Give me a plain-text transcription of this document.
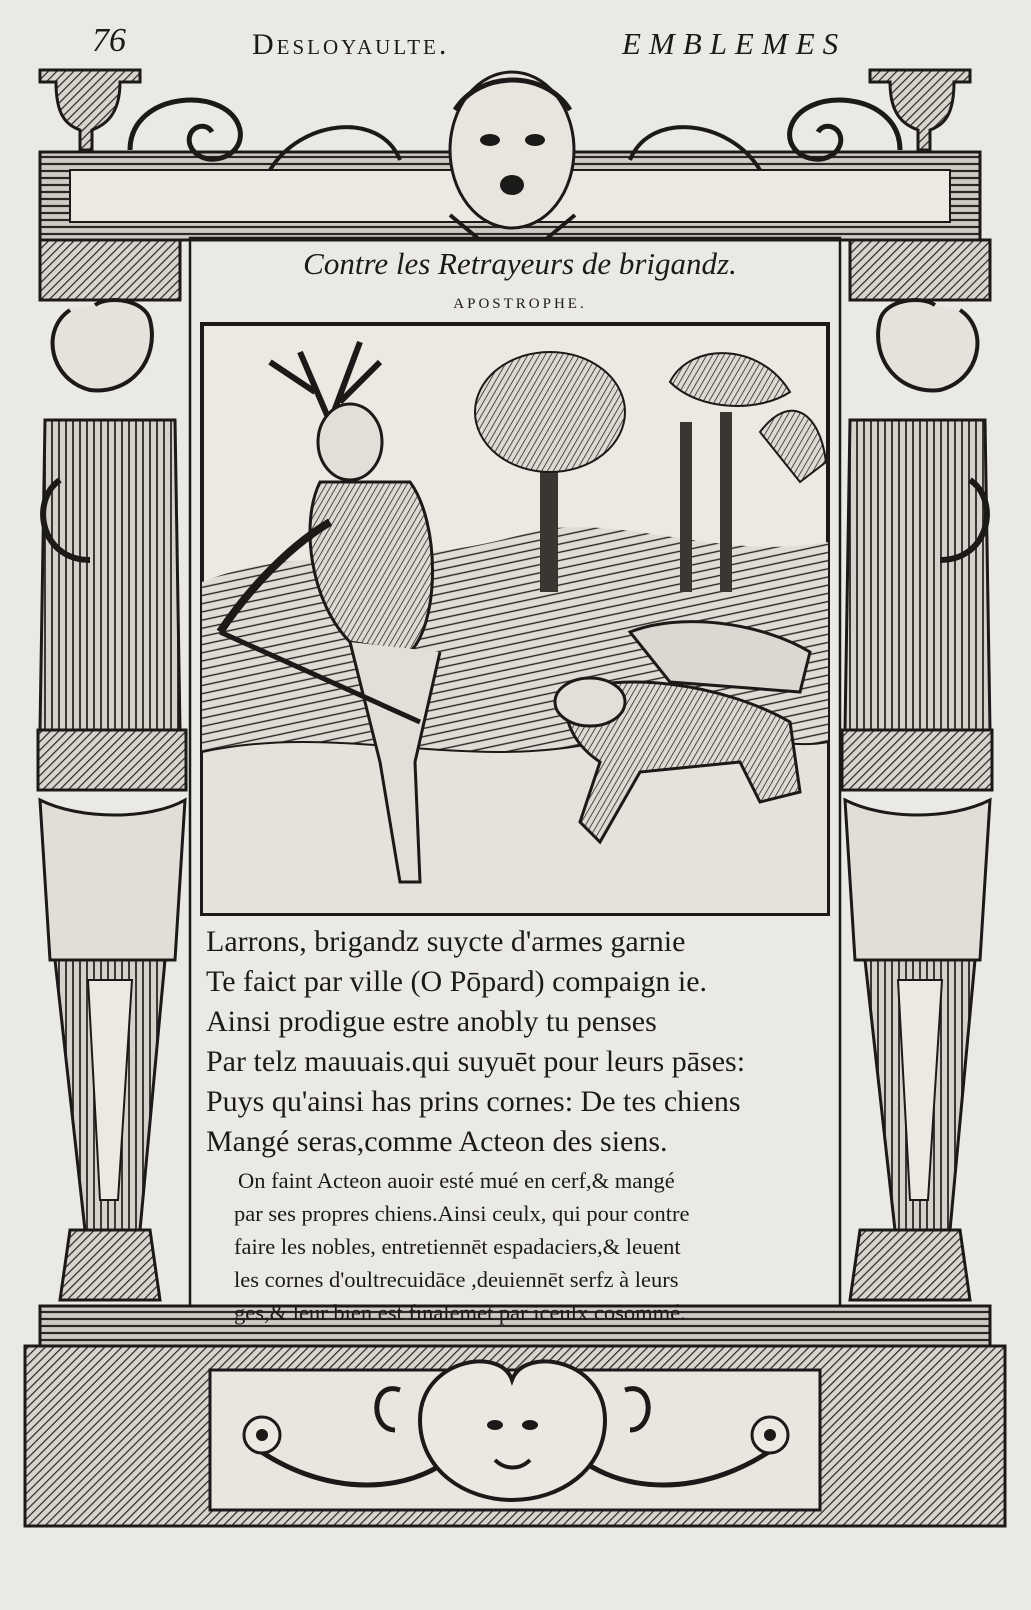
76	Desloyaulte.	EMBLEMES
Contre les Retrayeurs de brigandz.
APOSTROPHE.
Larrons, brigandz suycte d'armes garnie
Te faict par ville (O Pōpard) compaign ie.
Ainsi prodigue estre anobly tu penses
Par telz mauuais.qui suyuēt pour leurs pāses:
Puys qu'ainsi has prins cornes: De tes chiens
Mangé seras,comme Acteon des siens.
On faint Acteon auoir esté mué en cerf,& mangé
par ses propres chiens.Ainsi ceulx, qui pour contre
faire les nobles, entretiennēt espadaciers,& leuent
les cornes d'oultrecuidāce ,deuiennēt serfz à leurs
gēs,& leur bien est finalemēt par iceulx cōsommé.
